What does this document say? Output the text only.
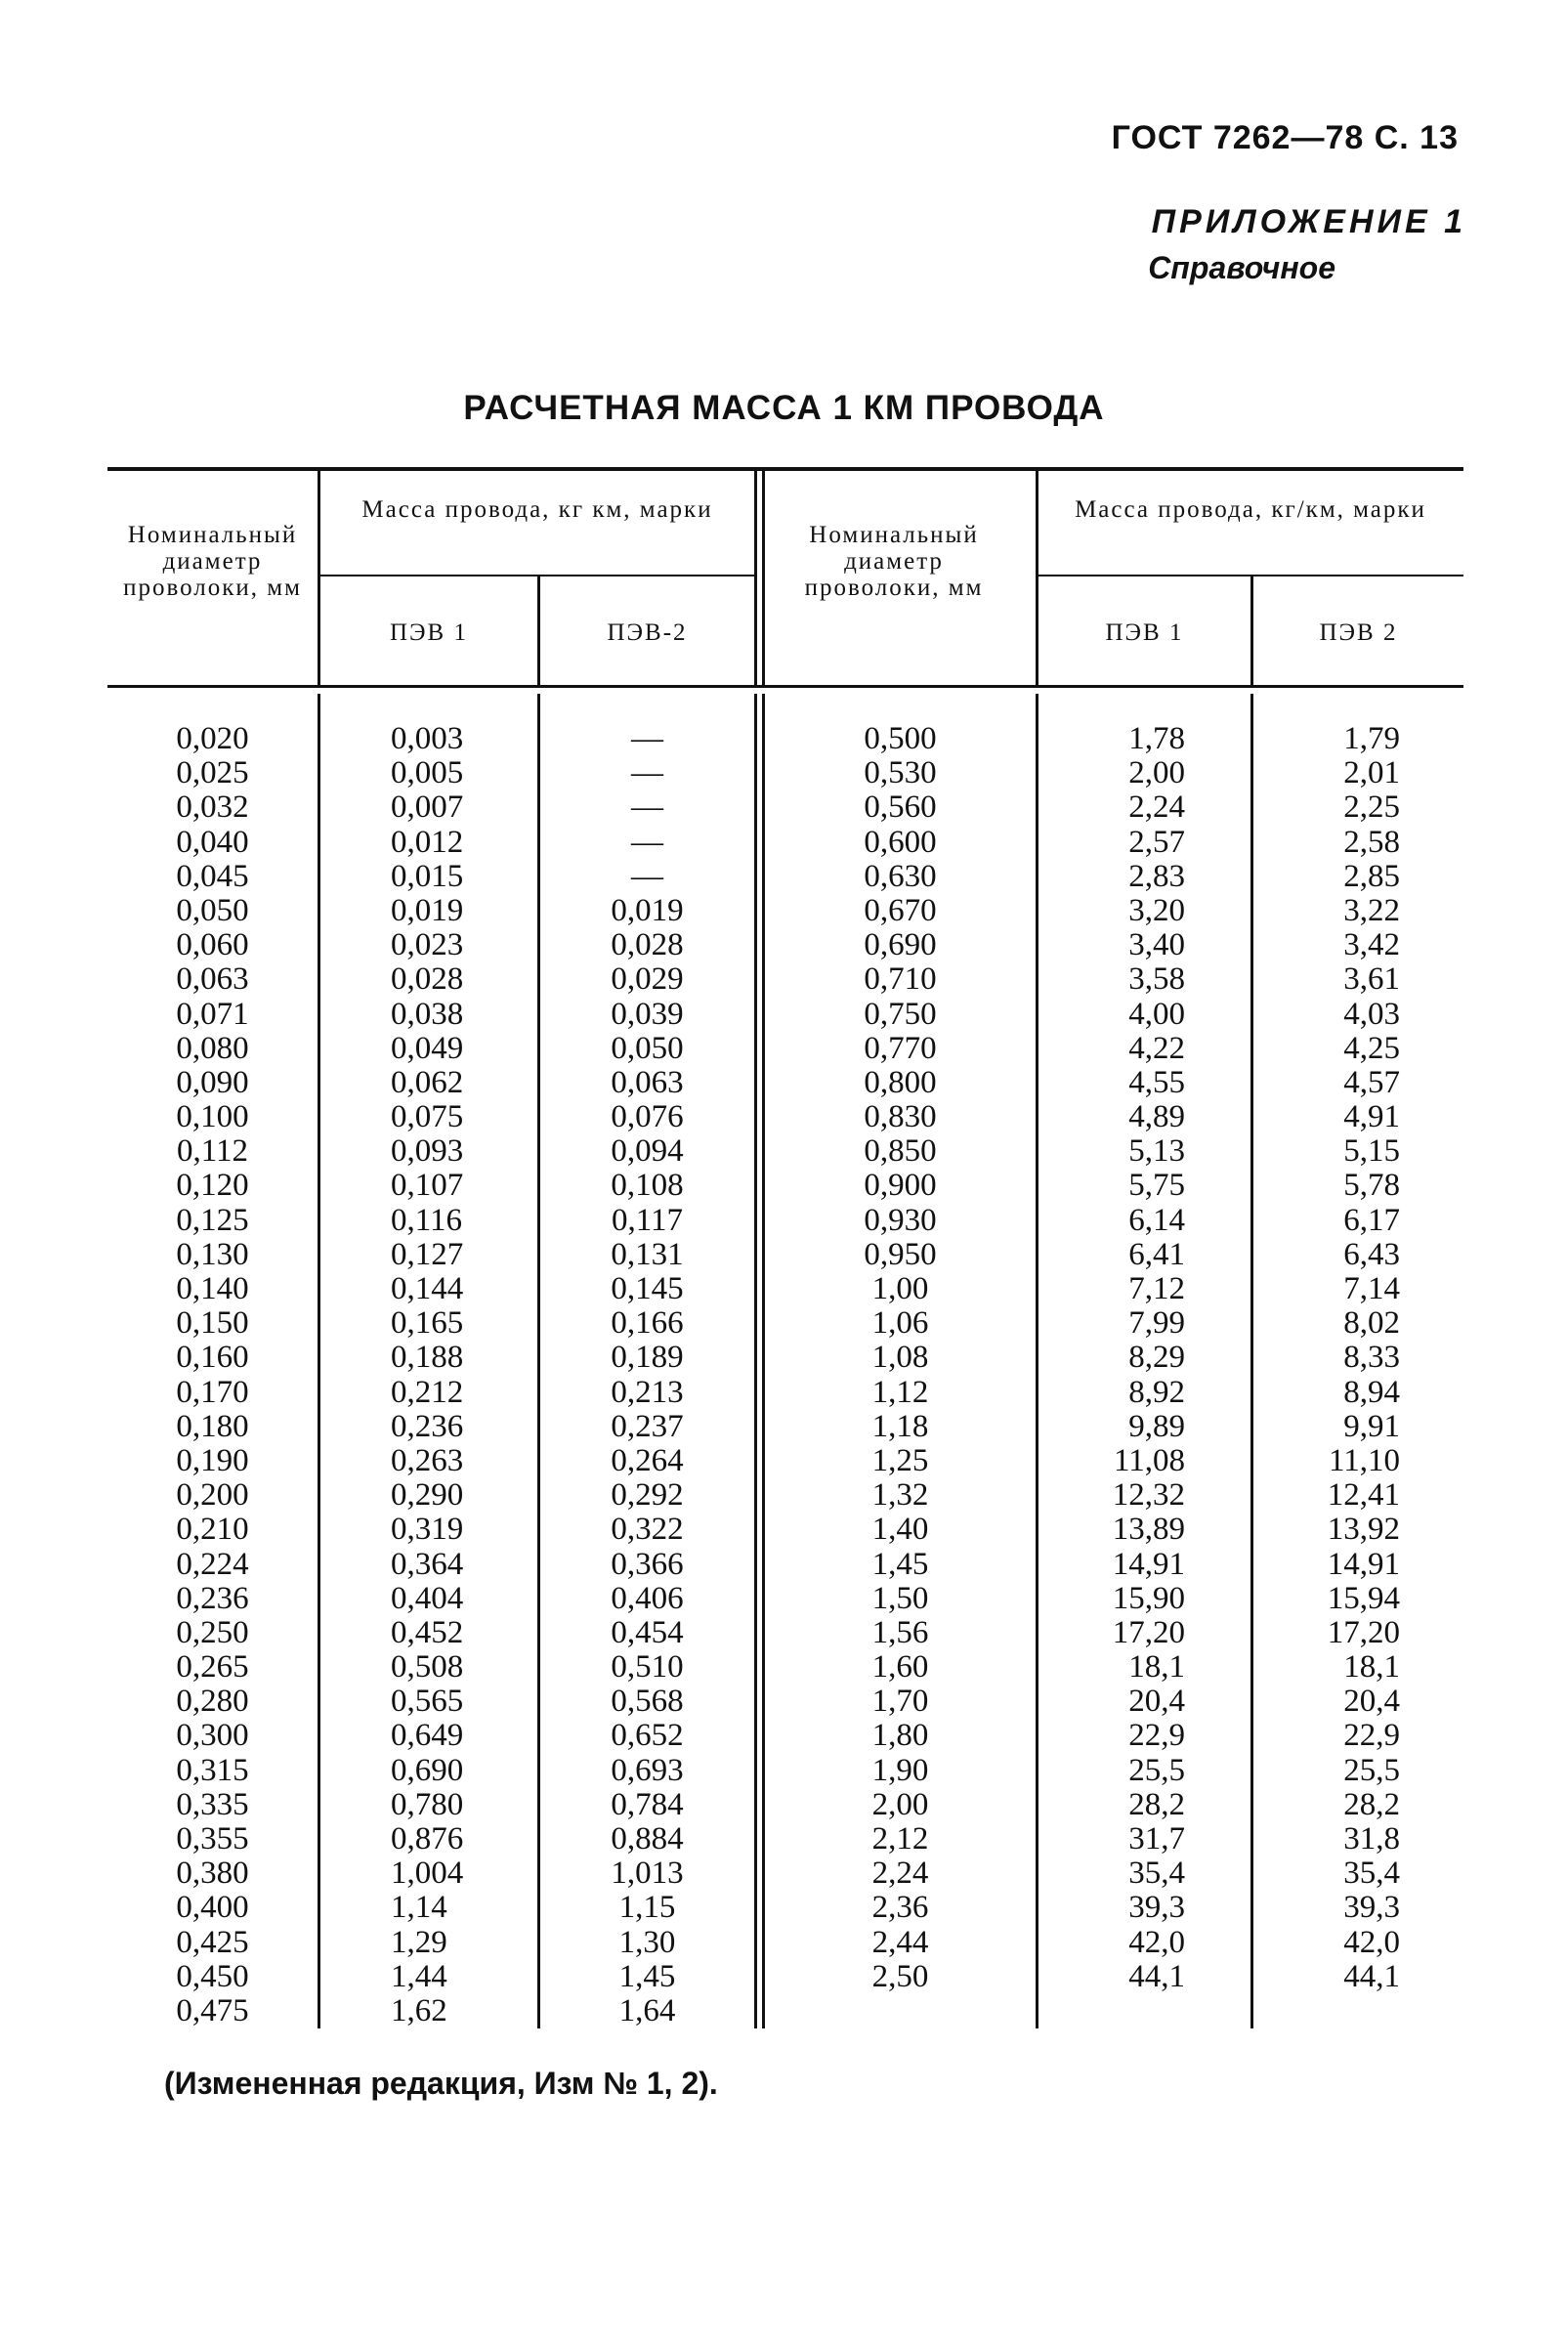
ГОСТ 7262—78 С. 13
ПРИЛОЖЕНИЕ 1
Справочное
РАСЧЕТНАЯ МАССА 1 КМ ПРОВОДА
Номинальный диаметр проволоки, мм
Масса провода, кг км, марки
ПЭВ 1	ПЭВ-2
Номинальный диаметр проволоки, мм
Масса провода, кг/км, марки
ПЭВ 1	ПЭВ 2
0,020
0,025
0,032
0,040
0,045
0,050
0,060
0,063
0,071
0,080
0,090
0,100
0,112
0,120
0,125
0,130
0,140
0,150
0,160
0,170
0,180
0,190
0,200
0,210
0,224
0,236
0,250
0,265
0,280
0,300
0,315
0,335
0,355
0,380
0,400
0,425
0,450
0,475
0,003
0,005
0,007
0,012
0,015
0,019
0,023
0,028
0,038
0,049
0,062
0,075
0,093
0,107
0,116
0,127
0,144
0,165
0,188
0,212
0,236
0,263
0,290
0,319
0,364
0,404
0,452
0,508
0,565
0,649
0,690
0,780
0,876
1,004
1,14
1,29
1,44
1,62
—
—
—
—
—
0,019
0,028
0,029
0,039
0,050
0,063
0,076
0,094
0,108
0,117
0,131
0,145
0,166
0,189
0,213
0,237
0,264
0,292
0,322
0,366
0,406
0,454
0,510
0,568
0,652
0,693
0,784
0,884
1,013
1,15
1,30
1,45
1,64
0,500
0,530
0,560
0,600
0,630
0,670
0,690
0,710
0,750
0,770
0,800
0,830
0,850
0,900
0,930
0,950
1,00
1,06
1,08
1,12
1,18
1,25
1,32
1,40
1,45
1,50
1,56
1,60
1,70
1,80
1,90
2,00
2,12
2,24
2,36
2,44
2,50
1,78
2,00
2,24
2,57
2,83
3,20
3,40
3,58
4,00
4,22
4,55
4,89
5,13
5,75
6,14
6,41
7,12
7,99
8,29
8,92
9,89
11,08
12,32
13,89
14,91
15,90
17,20
18,1
20,4
22,9
25,5
28,2
31,7
35,4
39,3
42,0
44,1
1,79
2,01
2,25
2,58
2,85
3,22
3,42
3,61
4,03
4,25
4,57
4,91
5,15
5,78
6,17
6,43
7,14
8,02
8,33
8,94
9,91
11,10
12,41
13,92
14,91
15,94
17,20
18,1
20,4
22,9
25,5
28,2
31,8
35,4
39,3
42,0
44,1
(Измененная редакция, Изм № 1, 2).
